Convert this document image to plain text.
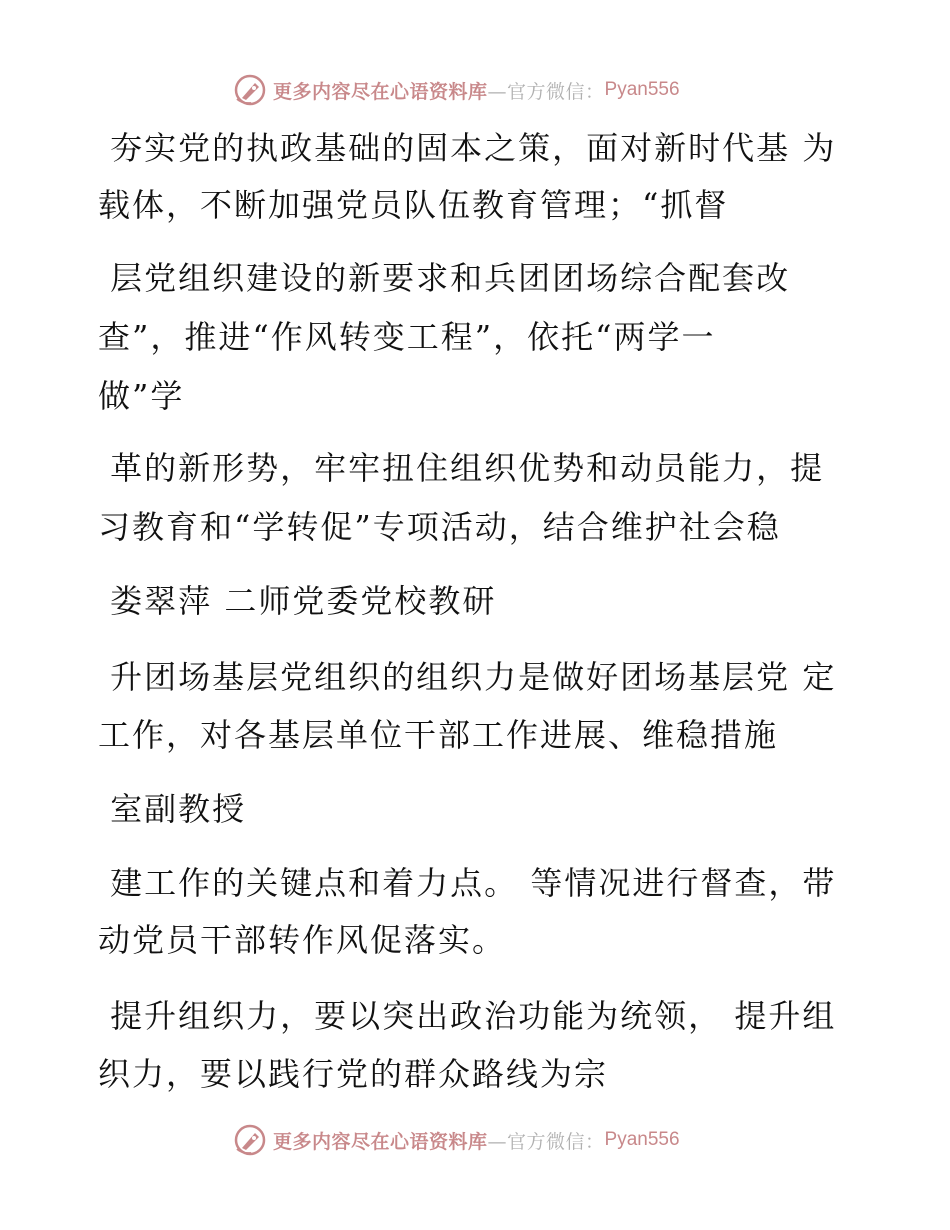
更多内容尽在心语资料库 —官方微信： Pyan556
夯实党的执政基础的固本之策，面对新时代基 为
载体，不断加强党员队伍教育管理；“抓督
层党组织建设的新要求和兵团团场综合配套改
查”，推进“作风转变工程”，依托“两学一
做”学
革的新形势，牢牢扭住组织优势和动员能力，提
习教育和“学转促”专项活动，结合维护社会稳
娄翠萍 二师党委党校教研
升团场基层党组织的组织力是做好团场基层党 定
工作，对各基层单位干部工作进展、维稳措施
室副教授
建工作的关键点和着力点。 等情况进行督查，带
动党员干部转作风促落实。
提升组织力，要以突出政治功能为统领， 提升组
织力，要以践行党的群众路线为宗
更多内容尽在心语资料库 —官方微信： Pyan556
